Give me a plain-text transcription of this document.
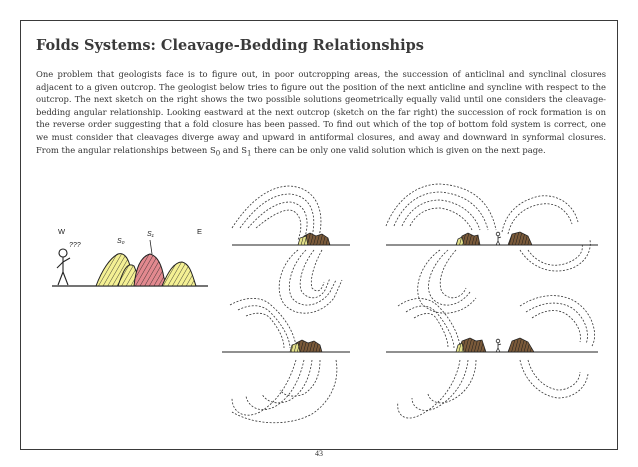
Folds Systems: Cleavage-Bedding Relationships

One problem that geologists face is to figure out, in poor outcropping areas, the succession of anticlinal and synclinal closures adjacent to a given outcrop. The geologist below tries to figure out the position of the next anticline and syncline with respect to the outcrop. The next sketch on the right shows the two possible solutions geometrically equally valid until one considers the cleavage-bedding angular relationship. Looking eastward at the next outcrop (sketch on the far right) the succession of rock formation is on the reverse order suggesting that a fold closure has been passed. To find out which of the top of bottom fold system is correct, one we must consider that cleavages diverge away and upward in antiformal closures, and away and downward in synformal closures. From the angular relationships between $S_0$ and $S_1$ there can be only one valid solution which is given on the next page.

W	E
???
S₀
S₁
43
